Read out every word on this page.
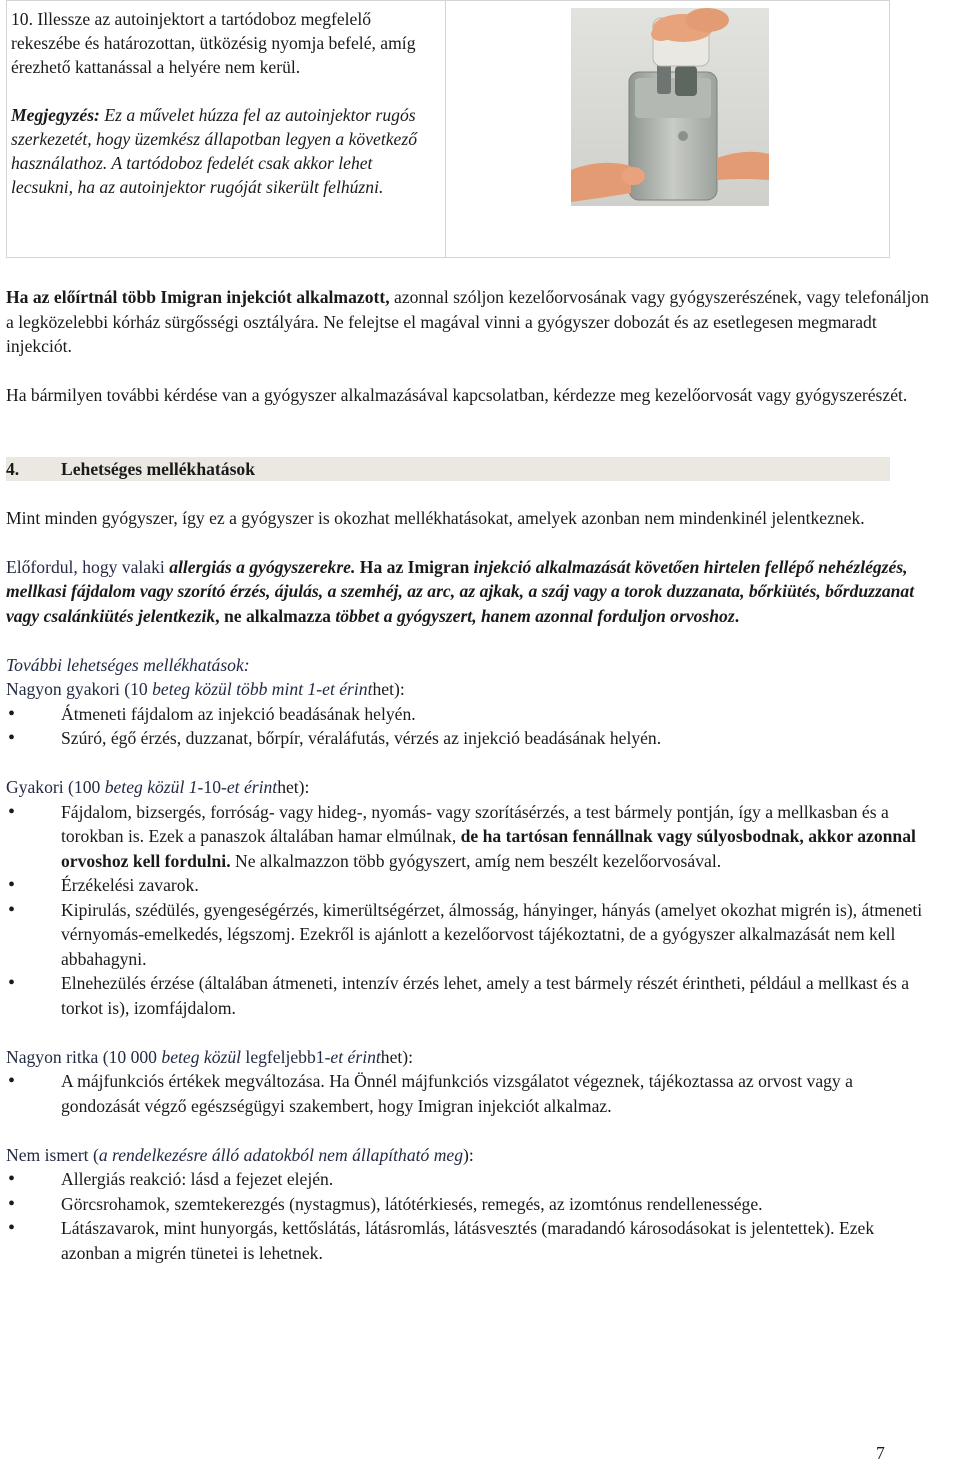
10. Illessze az autoinjektort a tartódoboz megfelelő rekeszébe és határozottan, ütközésig nyomja befelé, amíg érezhető kattanással a helyére nem kerül.

Megjegyzés: Ez a művelet húzza fel az autoinjektor rugós szerkezetét, hogy üzemkész állapotban legyen a következő használathoz. A tartódoboz fedelét csak akkor lehet lecsukni, ha az autoinjektor rugóját sikerült felhúzni.

Ha az előírtnál több Imigran injekciót alkalmazott, azonnal szóljon kezelőorvosának vagy gyógyszerészének, vagy telefonáljon a legközelebbi kórház sürgősségi osztályára. Ne felejtse el magával vinni a gyógyszer dobozát és az esetlegesen megmaradt injekciót.

Ha bármilyen további kérdése van a gyógyszer alkalmazásával kapcsolatban, kérdezze meg kezelőorvosát vagy gyógyszerészét.

4. Lehetséges mellékhatások

Mint minden gyógyszer, így ez a gyógyszer is okozhat mellékhatásokat, amelyek azonban nem mindenkinél jelentkeznek.

Előfordul, hogy valaki allergiás a gyógyszerekre. Ha az Imigran injekció alkalmazását követően hirtelen fellépő nehézlégzés, mellkasi fájdalom vagy szorító érzés, ájulás, a szemhéj, az arc, az ajkak, a száj vagy a torok duzzanata, bőrkiütés, bőrduzzanat vagy csalánkiütés jelentkezik, ne alkalmazza többet a gyógyszert, hanem azonnal forduljon orvoshoz.

További lehetséges mellékhatások:

Nagyon gyakori (10 beteg közül több mint 1-et érinthet):

• Átmeneti fájdalom az injekció beadásának helyén.
• Szúró, égő érzés, duzzanat, bőrpír, véraláfutás, vérzés az injekció beadásának helyén.

Gyakori (100 beteg közül 1-10-et érinthet):

• Fájdalom, bizsergés, forróság- vagy hideg-, nyomás- vagy szorításérzés, a test bármely pontján, így a mellkasban és a torokban is. Ezek a panaszok általában hamar elmúlnak, de ha tartósan fennállnak vagy súlyosbodnak, akkor azonnal orvoshoz kell fordulni. Ne alkalmazzon több gyógyszert, amíg nem beszélt kezelőorvosával.
• Érzékelési zavarok.
• Kipirulás, szédülés, gyengeségérzés, kimerültségérzet, álmosság, hányinger, hányás (amelyet okozhat migrén is), átmeneti vérnyomás-emelkedés, légszomj. Ezekről is ajánlott a kezelőorvost tájékoztatni, de a gyógyszer alkalmazását nem kell abbahagyni.
• Elnehezülés érzése (általában átmeneti, intenzív érzés lehet, amely a test bármely részét érintheti, például a mellkast és a torkot is), izomfájdalom.

Nagyon ritka (10 000 beteg közül legfeljebb1-et érinthet):

• A májfunkciós értékek megváltozása. Ha Önnél májfunkciós vizsgálatot végeznek, tájékoztassa az orvost vagy a gondozását végző egészségügyi szakembert, hogy Imigran injekciót alkalmaz.

Nem ismert (a rendelkezésre álló adatokból nem állapítható meg):

• Allergiás reakció: lásd a fejezet elején.
• Görcsrohamok, szemtekerezgés (nystagmus), látótérkiesés, remegés, az izomtónus rendellenessége.
• Látászavarok, mint hunyorgás, kettőslátás, látásromlás, látásvesztés (maradandó károsodásokat is jelentettek). Ezek azonban a migrén tünetei is lehetnek.
7
